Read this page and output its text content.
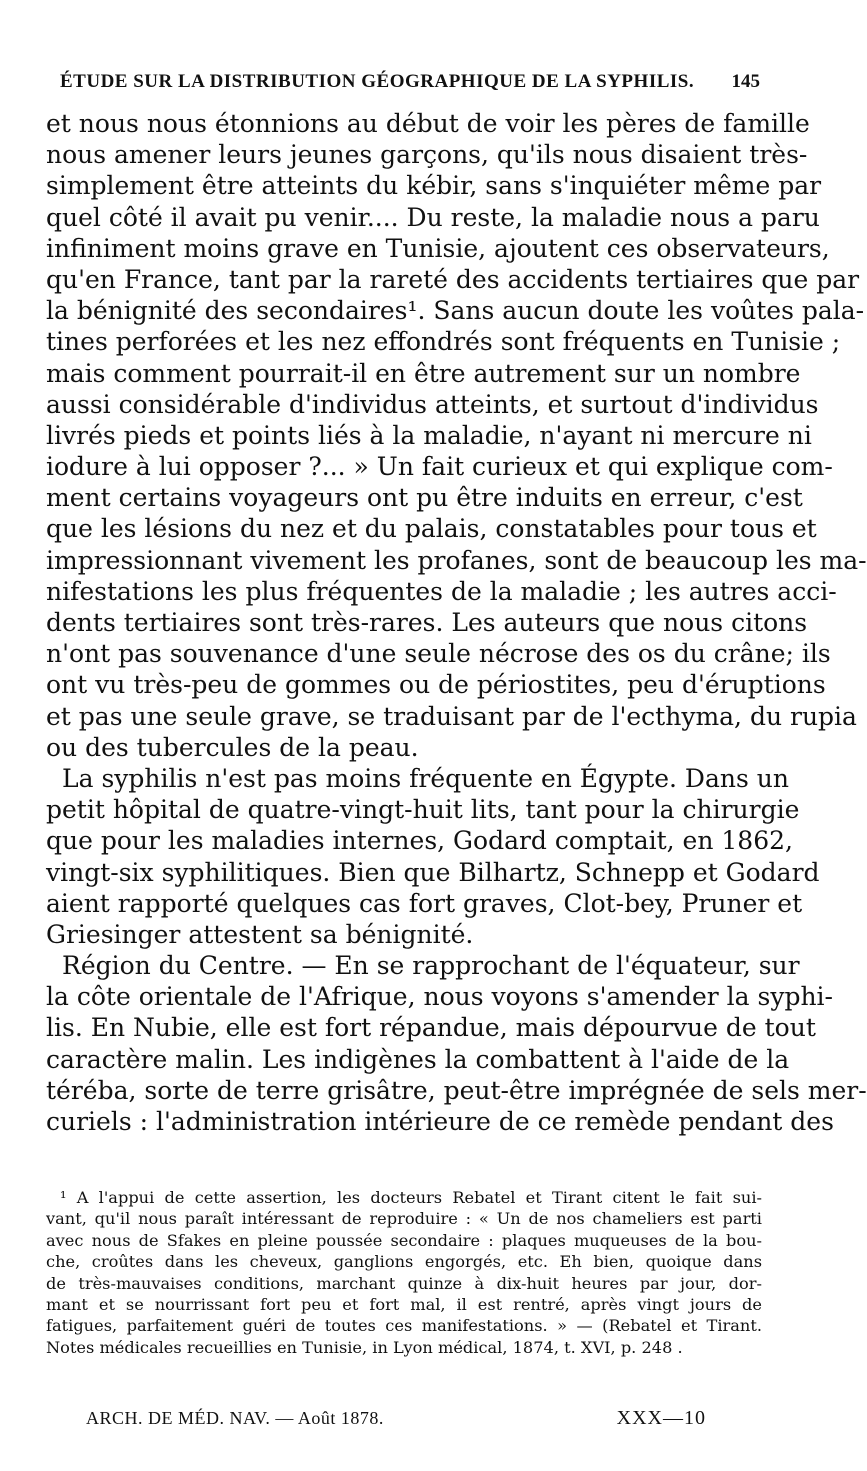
ÉTUDE SUR LA DISTRIBUTION GÉOGRAPHIQUE DE LA SYPHILIS. 145
et nous nous étonnions au début de voir les pères de famille
nous amener leurs jeunes garçons, qu'ils nous disaient très-
simplement être atteints du kébir, sans s'inquiéter même par
quel côté il avait pu venir.... Du reste, la maladie nous a paru
infiniment moins grave en Tunisie, ajoutent ces observateurs,
qu'en France, tant par la rareté des accidents tertiaires que par
la bénignité des secondaires¹. Sans aucun doute les voûtes pala-
tines perforées et les nez effondrés sont fréquents en Tunisie ;
mais comment pourrait-il en être autrement sur un nombre
aussi considérable d'individus atteints, et surtout d'individus
livrés pieds et points liés à la maladie, n'ayant ni mercure ni
iodure à lui opposer ?... » Un fait curieux et qui explique com-
ment certains voyageurs ont pu être induits en erreur, c'est
que les lésions du nez et du palais, constatables pour tous et
impressionnant vivement les profanes, sont de beaucoup les ma-
nifestations les plus fréquentes de la maladie ; les autres acci-
dents tertiaires sont très-rares. Les auteurs que nous citons
n'ont pas souvenance d'une seule nécrose des os du crâne; ils
ont vu très-peu de gommes ou de périostites, peu d'éruptions
et pas une seule grave, se traduisant par de l'ecthyma, du rupia
ou des tubercules de la peau.
La syphilis n'est pas moins fréquente en Égypte. Dans un
petit hôpital de quatre-vingt-huit lits, tant pour la chirurgie
que pour les maladies internes, Godard comptait, en 1862,
vingt-six syphilitiques. Bien que Bilhartz, Schnepp et Godard
aient rapporté quelques cas fort graves, Clot-bey, Pruner et
Griesinger attestent sa bénignité.
Région du Centre. — En se rapprochant de l'équateur, sur
la côte orientale de l'Afrique, nous voyons s'amender la syphi-
lis. En Nubie, elle est fort répandue, mais dépourvue de tout
caractère malin. Les indigènes la combattent à l'aide de la
téréba, sorte de terre grisâtre, peut-être imprégnée de sels mer-
curiels : l'administration intérieure de ce remède pendant des
¹ A l'appui de cette assertion, les docteurs Rebatel et Tirant citent le fait sui-
vant, qu'il nous paraît intéressant de reproduire : « Un de nos chameliers est parti
avec nous de Sfakes en pleine poussée secondaire : plaques muqueuses de la bou-
che, croûtes dans les cheveux, ganglions engorgés, etc. Eh bien, quoique dans
de très-mauvaises conditions, marchant quinze à dix-huit heures par jour, dor-
mant et se nourrissant fort peu et fort mal, il est rentré, après vingt jours de
fatigues, parfaitement guéri de toutes ces manifestations. » — (Rebatel et Tirant.
Notes médicales recueillies en Tunisie, in Lyon médical, 1874, t. XVI, p. 248 .
ARCH. DE MÉD. NAV. — Août 1878.	XXX—10
